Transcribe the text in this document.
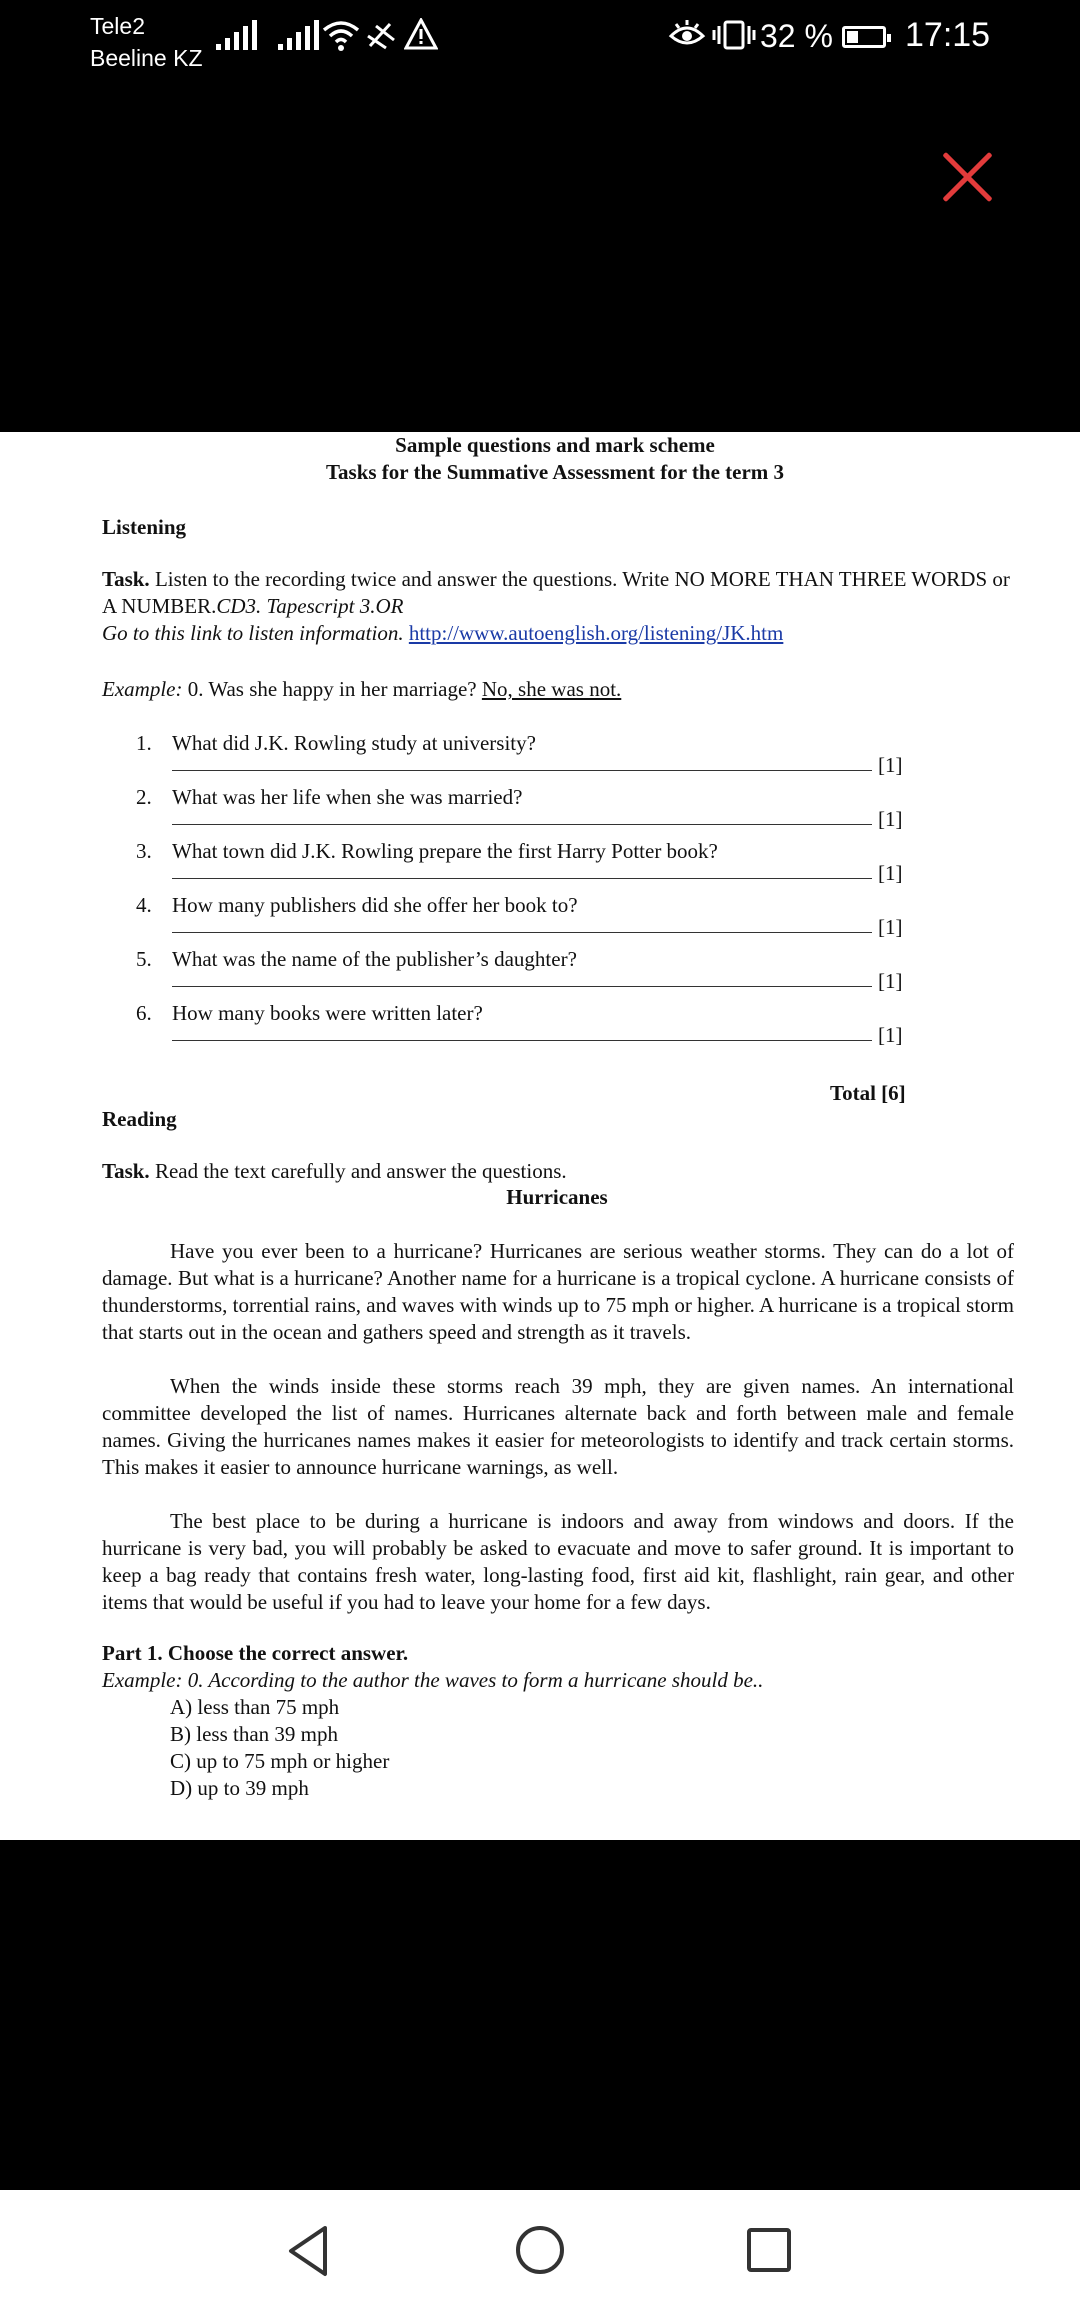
Tele2
Beeline KZ
32 % 17:15
Sample questions and mark scheme
Tasks for the Summative Assessment for the term 3
Listening
Task. Listen to the recording twice and answer the questions. Write NO MORE THAN THREE WORDS or A NUMBER.CD3. Tapescript 3.OR
Go to this link to listen information. http://www.autoenglish.org/listening/JK.htm
Example: 0. Was she happy in her marriage? No, she was not.
1. What did J.K. Rowling study at university?
[1]
2. What was her life when she was married?
[1]
3. What town did J.K. Rowling prepare the first Harry Potter book?
[1]
4. How many publishers did she offer her book to?
[1]
5. What was the name of the publisher’s daughter?
[1]
6. How many books were written later?
[1]
Total [6]
Reading
Task. Read the text carefully and answer the questions.
Hurricanes
Have you ever been to a hurricane? Hurricanes are serious weather storms. They can do a lot of damage. But what is a hurricane? Another name for a hurricane is a tropical cyclone. A hurricane consists of thunderstorms, torrential rains, and waves with winds up to 75 mph or higher. A hurricane is a tropical storm that starts out in the ocean and gathers speed and strength as it travels.
When the winds inside these storms reach 39 mph, they are given names. An international committee developed the list of names. Hurricanes alternate back and forth between male and female names. Giving the hurricanes names makes it easier for meteorologists to identify and track certain storms. This makes it easier to announce hurricane warnings, as well.
The best place to be during a hurricane is indoors and away from windows and doors. If the hurricane is very bad, you will probably be asked to evacuate and move to safer ground. It is important to keep a bag ready that contains fresh water, long-lasting food, first aid kit, flashlight, rain gear, and other items that would be useful if you had to leave your home for a few days.
Part 1. Choose the correct answer.
Example: 0. According to the author the waves to form a hurricane should be..
A) less than 75 mph
B) less than 39 mph
C) up to 75 mph or higher
D) up to 39 mph
